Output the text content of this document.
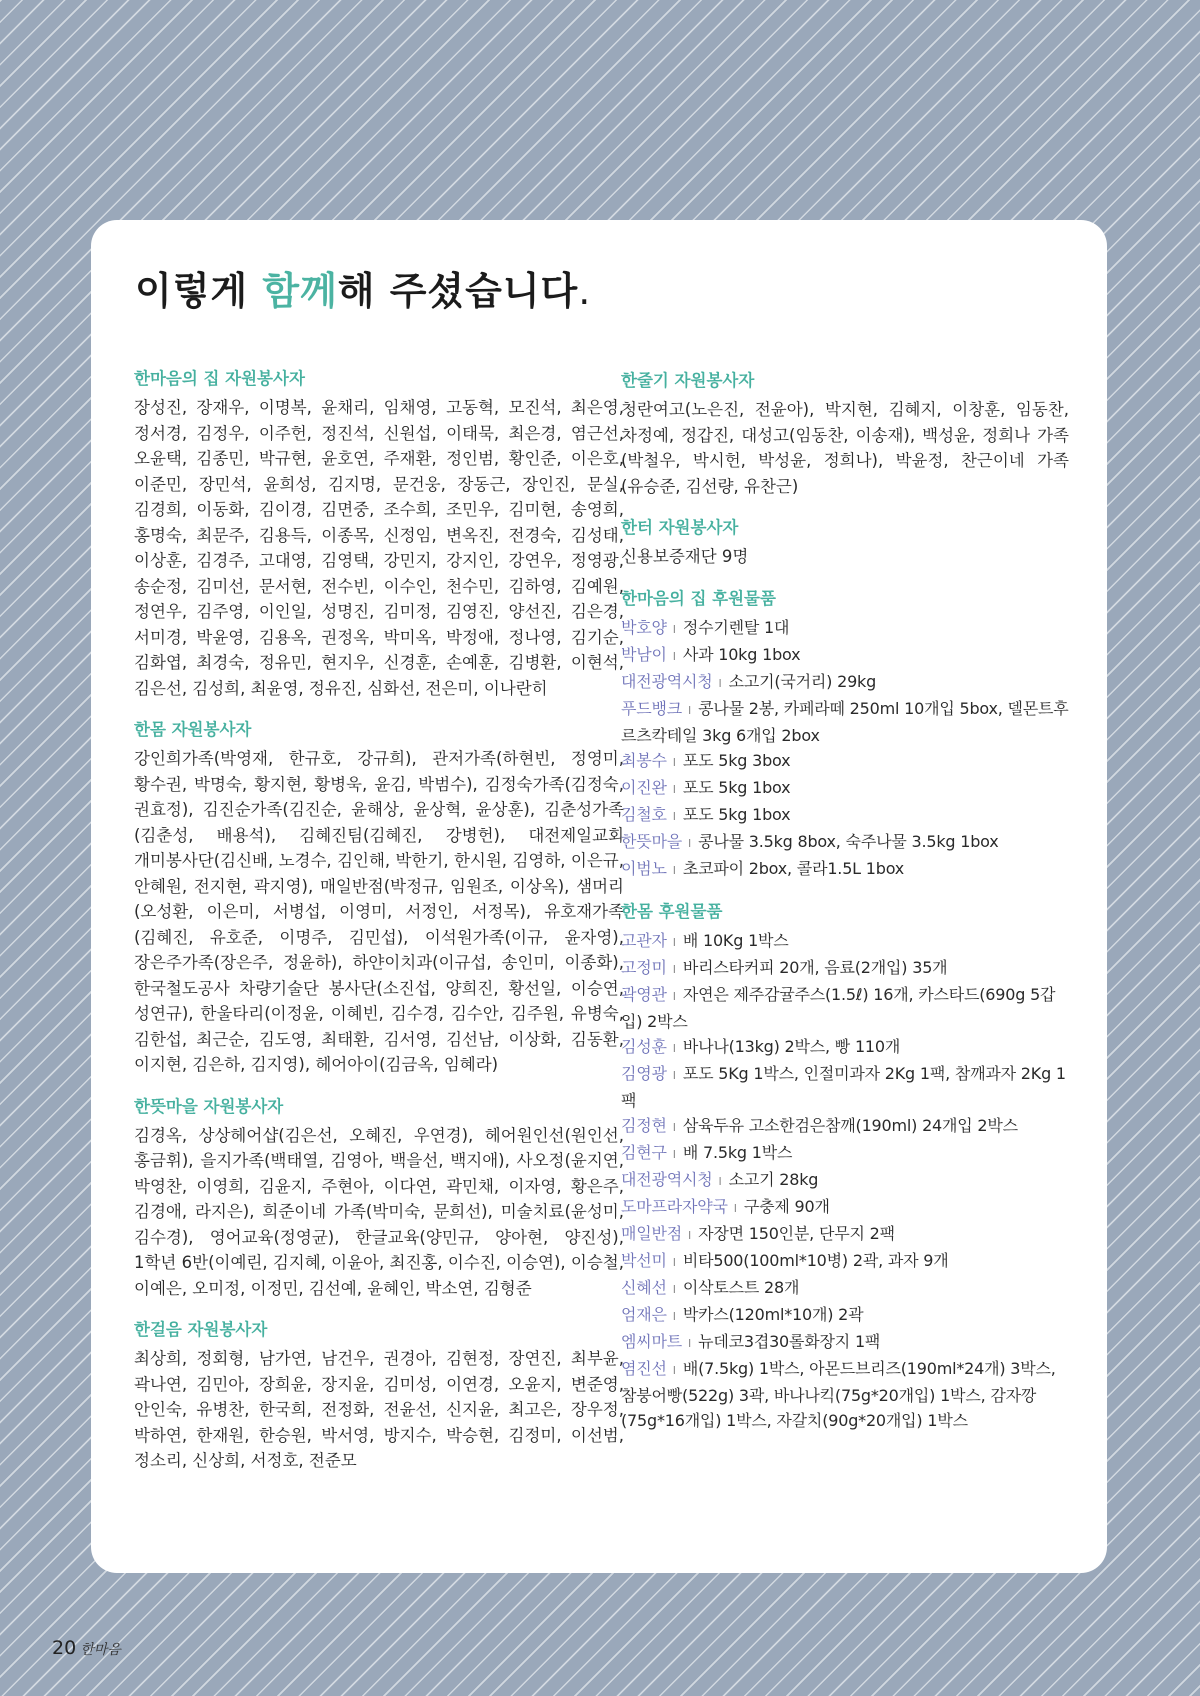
이렇게 함께해 주셨습니다.
한마음의 집 자원봉사자

장성진, 장재우, 이명복, 윤채리, 임채영, 고동혁, 모진석, 최은영, 정서경, 김정우, 이주헌, 정진석, 신원섭, 이태묵, 최은경, 염근선, 오윤택, 김종민, 박규현, 윤호연, 주재환, 정인범, 황인준, 이은호, 이준민, 장민석, 윤희성, 김지명, 문건웅, 장동근, 장인진, 문실, 김경희, 이동화, 김이경, 김면중, 조수희, 조민우, 김미현, 송영희, 홍명숙, 최문주, 김용득, 이종목, 신정임, 변옥진, 전경숙, 김성태, 이상훈, 김경주, 고대영, 김영택, 강민지, 강지인, 강연우, 정영광, 송순정, 김미선, 문서현, 전수빈, 이수인, 천수민, 김하영, 김예원, 정연우, 김주영, 이인일, 성명진, 김미정, 김영진, 양선진, 김은경, 서미경, 박윤영, 김용옥, 권정옥, 박미옥, 박정애, 정나영, 김기순, 김화엽, 최경숙, 정유민, 현지우, 신경훈, 손예훈, 김병환, 이현석, 김은선, 김성희, 최윤영, 정유진, 심화선, 전은미, 이나란히

한몸 자원봉사자

강인희가족(박영재, 한규호, 강규희), 관저가족(하현빈, 정영미, 황수권, 박명숙, 황지현, 황병욱, 윤김, 박범수), 김정숙가족(김정숙, 권효정), 김진순가족(김진순, 윤해상, 윤상혁, 윤상훈), 김춘성가족(김춘성, 배용석), 김혜진팀(김혜진, 강병헌), 대전제일교회 개미봉사단(김신배, 노경수, 김인해, 박한기, 한시원, 김영하, 이은규, 안혜원, 전지현, 곽지영), 매일반점(박정규, 임원조, 이상옥), 샘머리(오성환, 이은미, 서병섭, 이영미, 서정인, 서정목), 유호재가족(김혜진, 유호준, 이명주, 김민섭), 이석원가족(이규, 윤자영), 장은주가족(장은주, 정윤하), 하얀이치과(이규섭, 송인미, 이종화), 한국철도공사 차량기술단 봉사단(소진섭, 양희진, 황선일, 이승연, 성연규), 한울타리(이정윤, 이혜빈, 김수경, 김수안, 김주원, 유병숙, 김한섭, 최근순, 김도영, 최태환, 김서영, 김선남, 이상화, 김동환, 이지현, 김은하, 김지영), 헤어아이(김금옥, 임혜라)

한뜻마을 자원봉사자

김경옥, 상상헤어샵(김은선, 오혜진, 우연경), 헤어원인선(원인선, 홍금휘), 을지가족(백태열, 김영아, 백을선, 백지애), 사오정(윤지연, 박영찬, 이영희, 김윤지, 주현아, 이다연, 곽민채, 이자영, 황은주, 김경애, 라지은), 희준이네 가족(박미숙, 문희선), 미술치료(윤성미, 김수경), 영어교육(정영균), 한글교육(양민규, 양아현, 양진성), 1학년 6반(이예린, 김지혜, 이윤아, 최진홍, 이수진, 이승연), 이승철, 이예은, 오미정, 이정민, 김선예, 윤혜인, 박소연, 김형준

한걸음 자원봉사자

최상희, 정회형, 남가연, 남건우, 권경아, 김현정, 장연진, 최부윤, 곽나연, 김민아, 장희윤, 장지윤, 김미성, 이연경, 오윤지, 변준영, 안인숙, 유병찬, 한국희, 전정화, 전윤선, 신지윤, 최고은, 장우정, 박하연, 한재원, 한승원, 박서영, 방지수, 박승현, 김정미, 이선범, 정소리, 신상희, 서정호, 전준모

한줄기 자원봉사자

청란여고(노은진, 전윤아), 박지현, 김혜지, 이창훈, 임동찬, 차정예, 정갑진, 대성고(임동찬, 이송재), 백성윤, 정희나 가족(박철우, 박시헌, 박성윤, 정희나), 박윤정, 찬근이네 가족(유승준, 김선량, 유찬근)

한터 자원봉사자

신용보증재단 9명

한마음의 집 후원물품
박호양 I 정수기렌탈 1대
박남이 I 사과 10kg 1box
대전광역시청 I 소고기(국거리) 29kg
푸드뱅크 I 콩나물 2봉, 카페라떼 250ml 10개입 5box, 델몬트후르츠칵테일 3kg 6개입 2box
최봉수 I 포도 5kg 3box
이진완 I 포도 5kg 1box
김철호 I 포도 5kg 1box
한뜻마을 I 콩나물 3.5kg 8box, 숙주나물 3.5kg 1box
이범노 I 초코파이 2box, 콜라1.5L 1box
한몸 후원물품
고관자 I 배 10Kg 1박스
고정미 I 바리스타커피 20개, 음료(2개입) 35개
곽영관 I 자연은 제주감귤주스(1.5ℓ) 16개, 카스타드(690g 5갑입) 2박스
김성훈 I 바나나(13kg) 2박스, 빵 110개
김영광 I 포도 5Kg 1박스, 인절미과자 2Kg 1팩, 참깨과자 2Kg 1팩
김정현 I 삼육두유 고소한검은참깨(190ml) 24개입 2박스
김현구 I 배 7.5kg 1박스
대전광역시청 I 소고기 28kg
도마프라자약국 I 구충제 90개
매일반점 I 자장면 150인분, 단무지 2팩
박선미 I 비타500(100ml*10병) 2곽, 과자 9개
신혜선 I 이삭토스트 28개
엄재은 I 박카스(120ml*10개) 2곽
엠씨마트 I 뉴데코3겹30롤화장지 1팩
염진선 I 배(7.5kg) 1박스, 아몬드브리즈(190ml*24개) 3박스, 참붕어빵(522g) 3곽, 바나나킥(75g*20개입) 1박스, 감자깡(75g*16개입) 1박스, 자갈치(90g*20개입) 1박스
20 한마음
